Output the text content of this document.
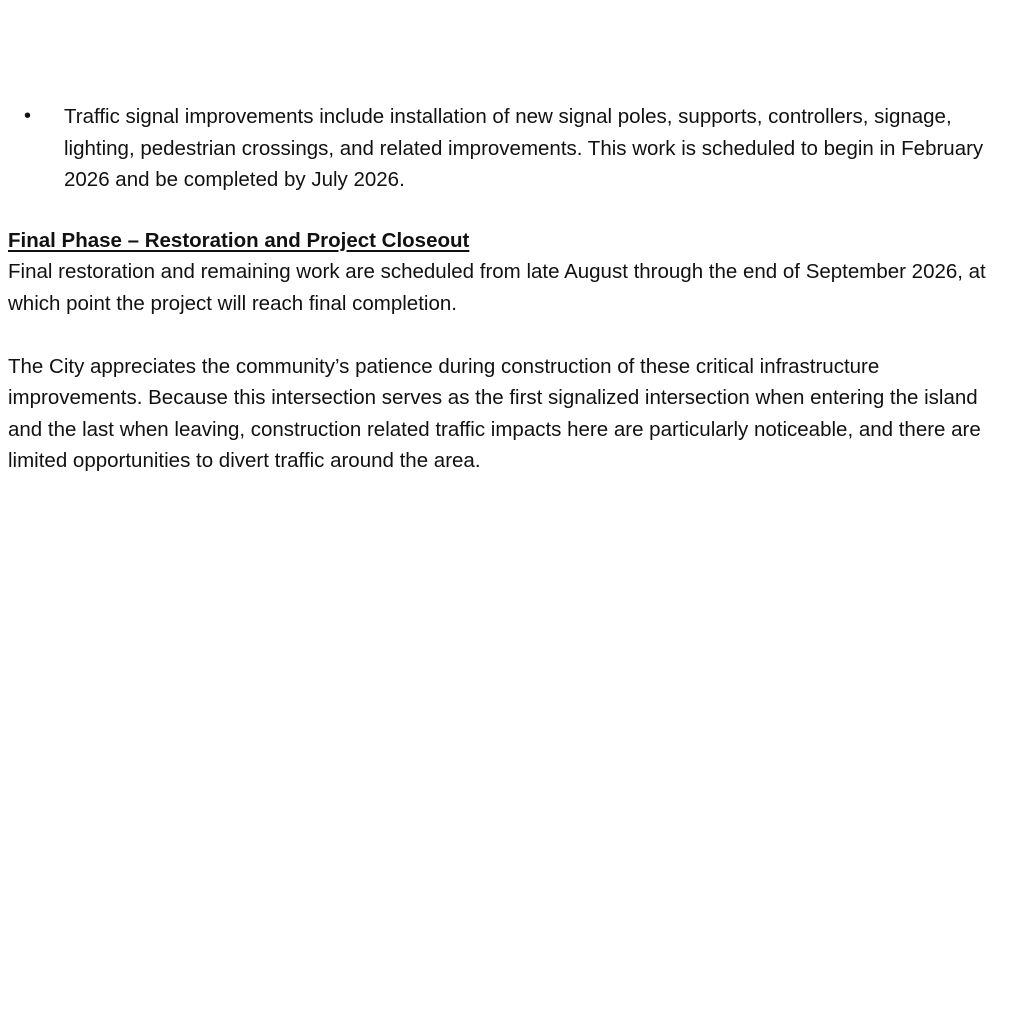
•	Traffic signal improvements include installation of new signal poles, supports, controllers, signage, lighting, pedestrian crossings, and related improvements. This work is scheduled to begin in February 2026 and be completed by July 2026.

Final Phase – Restoration and Project Closeout

Final restoration and remaining work are scheduled from late August through the end of September 2026, at which point the project will reach final completion.

The City appreciates the community’s patience during construction of these critical infrastructure improvements. Because this intersection serves as the first signalized intersection when entering the island and the last when leaving, construction related traffic impacts here are particularly noticeable, and there are limited opportunities to divert traffic around the area.
